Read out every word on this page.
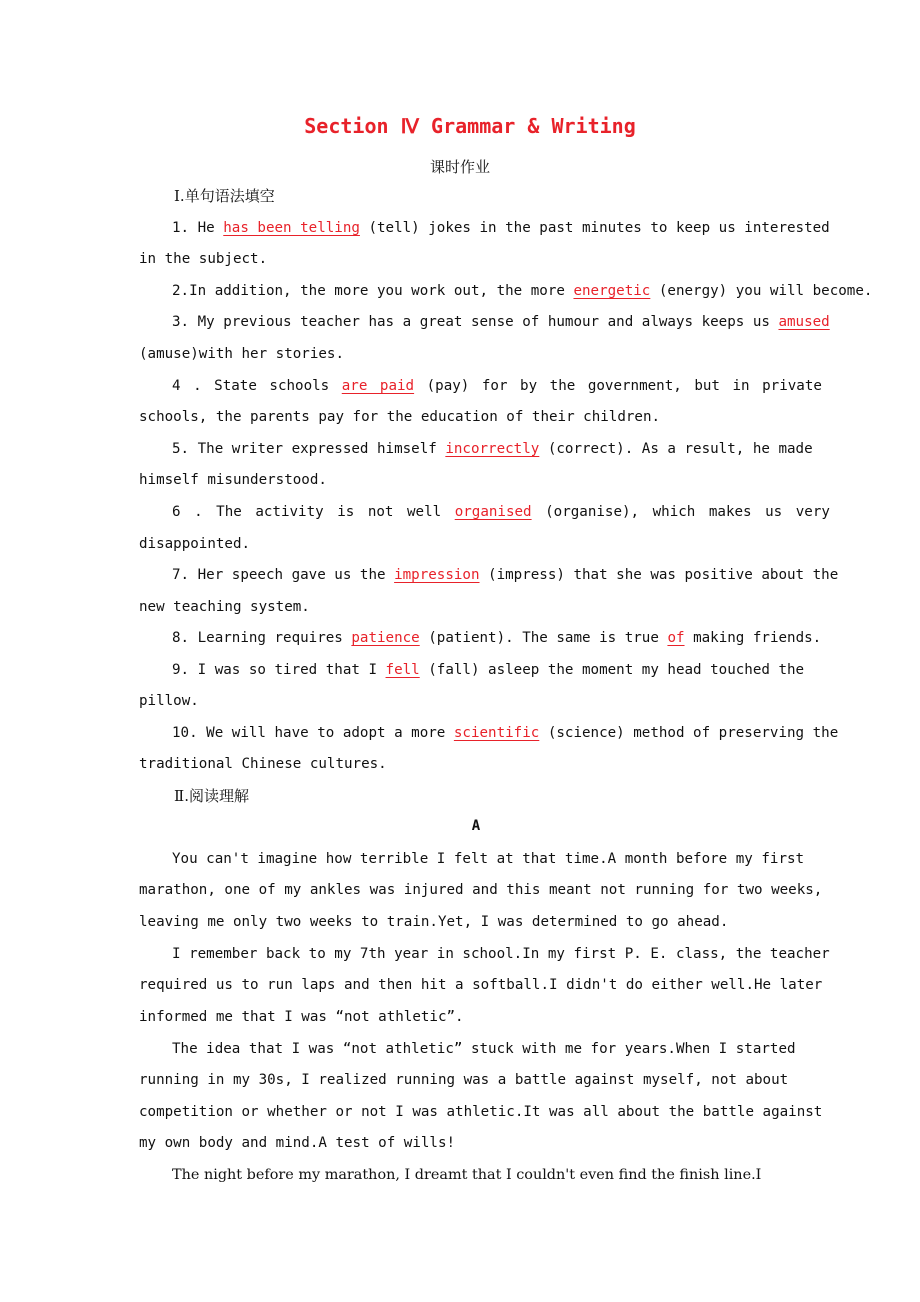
Section Ⅳ Grammar & Writing
课时作业
Ⅰ.单句语法填空
1. He has been telling (tell) jokes in the past minutes to keep us interested
in the subject.
2.In addition, the more you work out, the more energetic (energy) you will become.
3. My previous teacher has a great sense of humour and always keeps us amused
(amuse)with her stories.
4 . State schools are paid (pay) for by the government, but in private
schools, the parents pay for the education of their children.
5. The writer expressed himself incorrectly (correct). As a result, he made
himself misunderstood.
6 . The activity is not well organised (organise), which makes us very
disappointed.
7. Her speech gave us the impression (impress) that she was positive about the
new teaching system.
8. Learning requires patience (patient). The same is true of making friends.
9. I was so tired that I fell (fall) asleep the moment my head touched the
pillow.
10. We will have to adopt a more scientific (science) method of preserving the
traditional Chinese cultures.
Ⅱ.阅读理解
A
You can't imagine how terrible I felt at that time.A month before my first
marathon, one of my ankles was injured and this meant not running for two weeks,
leaving me only two weeks to train.Yet, I was determined to go ahead.
I remember back to my 7th year in school.In my first P. E. class, the teacher
required us to run laps and then hit a softball.I didn't do either well.He later
informed me that I was “not athletic”.
The idea that I was “not athletic” stuck with me for years.When I started
running in my 30s, I realized running was a battle against myself, not about
competition or whether or not I was athletic.It was all about the battle against
my own body and mind.A test of wills!
The night before my marathon, I dreamt that I couldn't even find the finish line.I
